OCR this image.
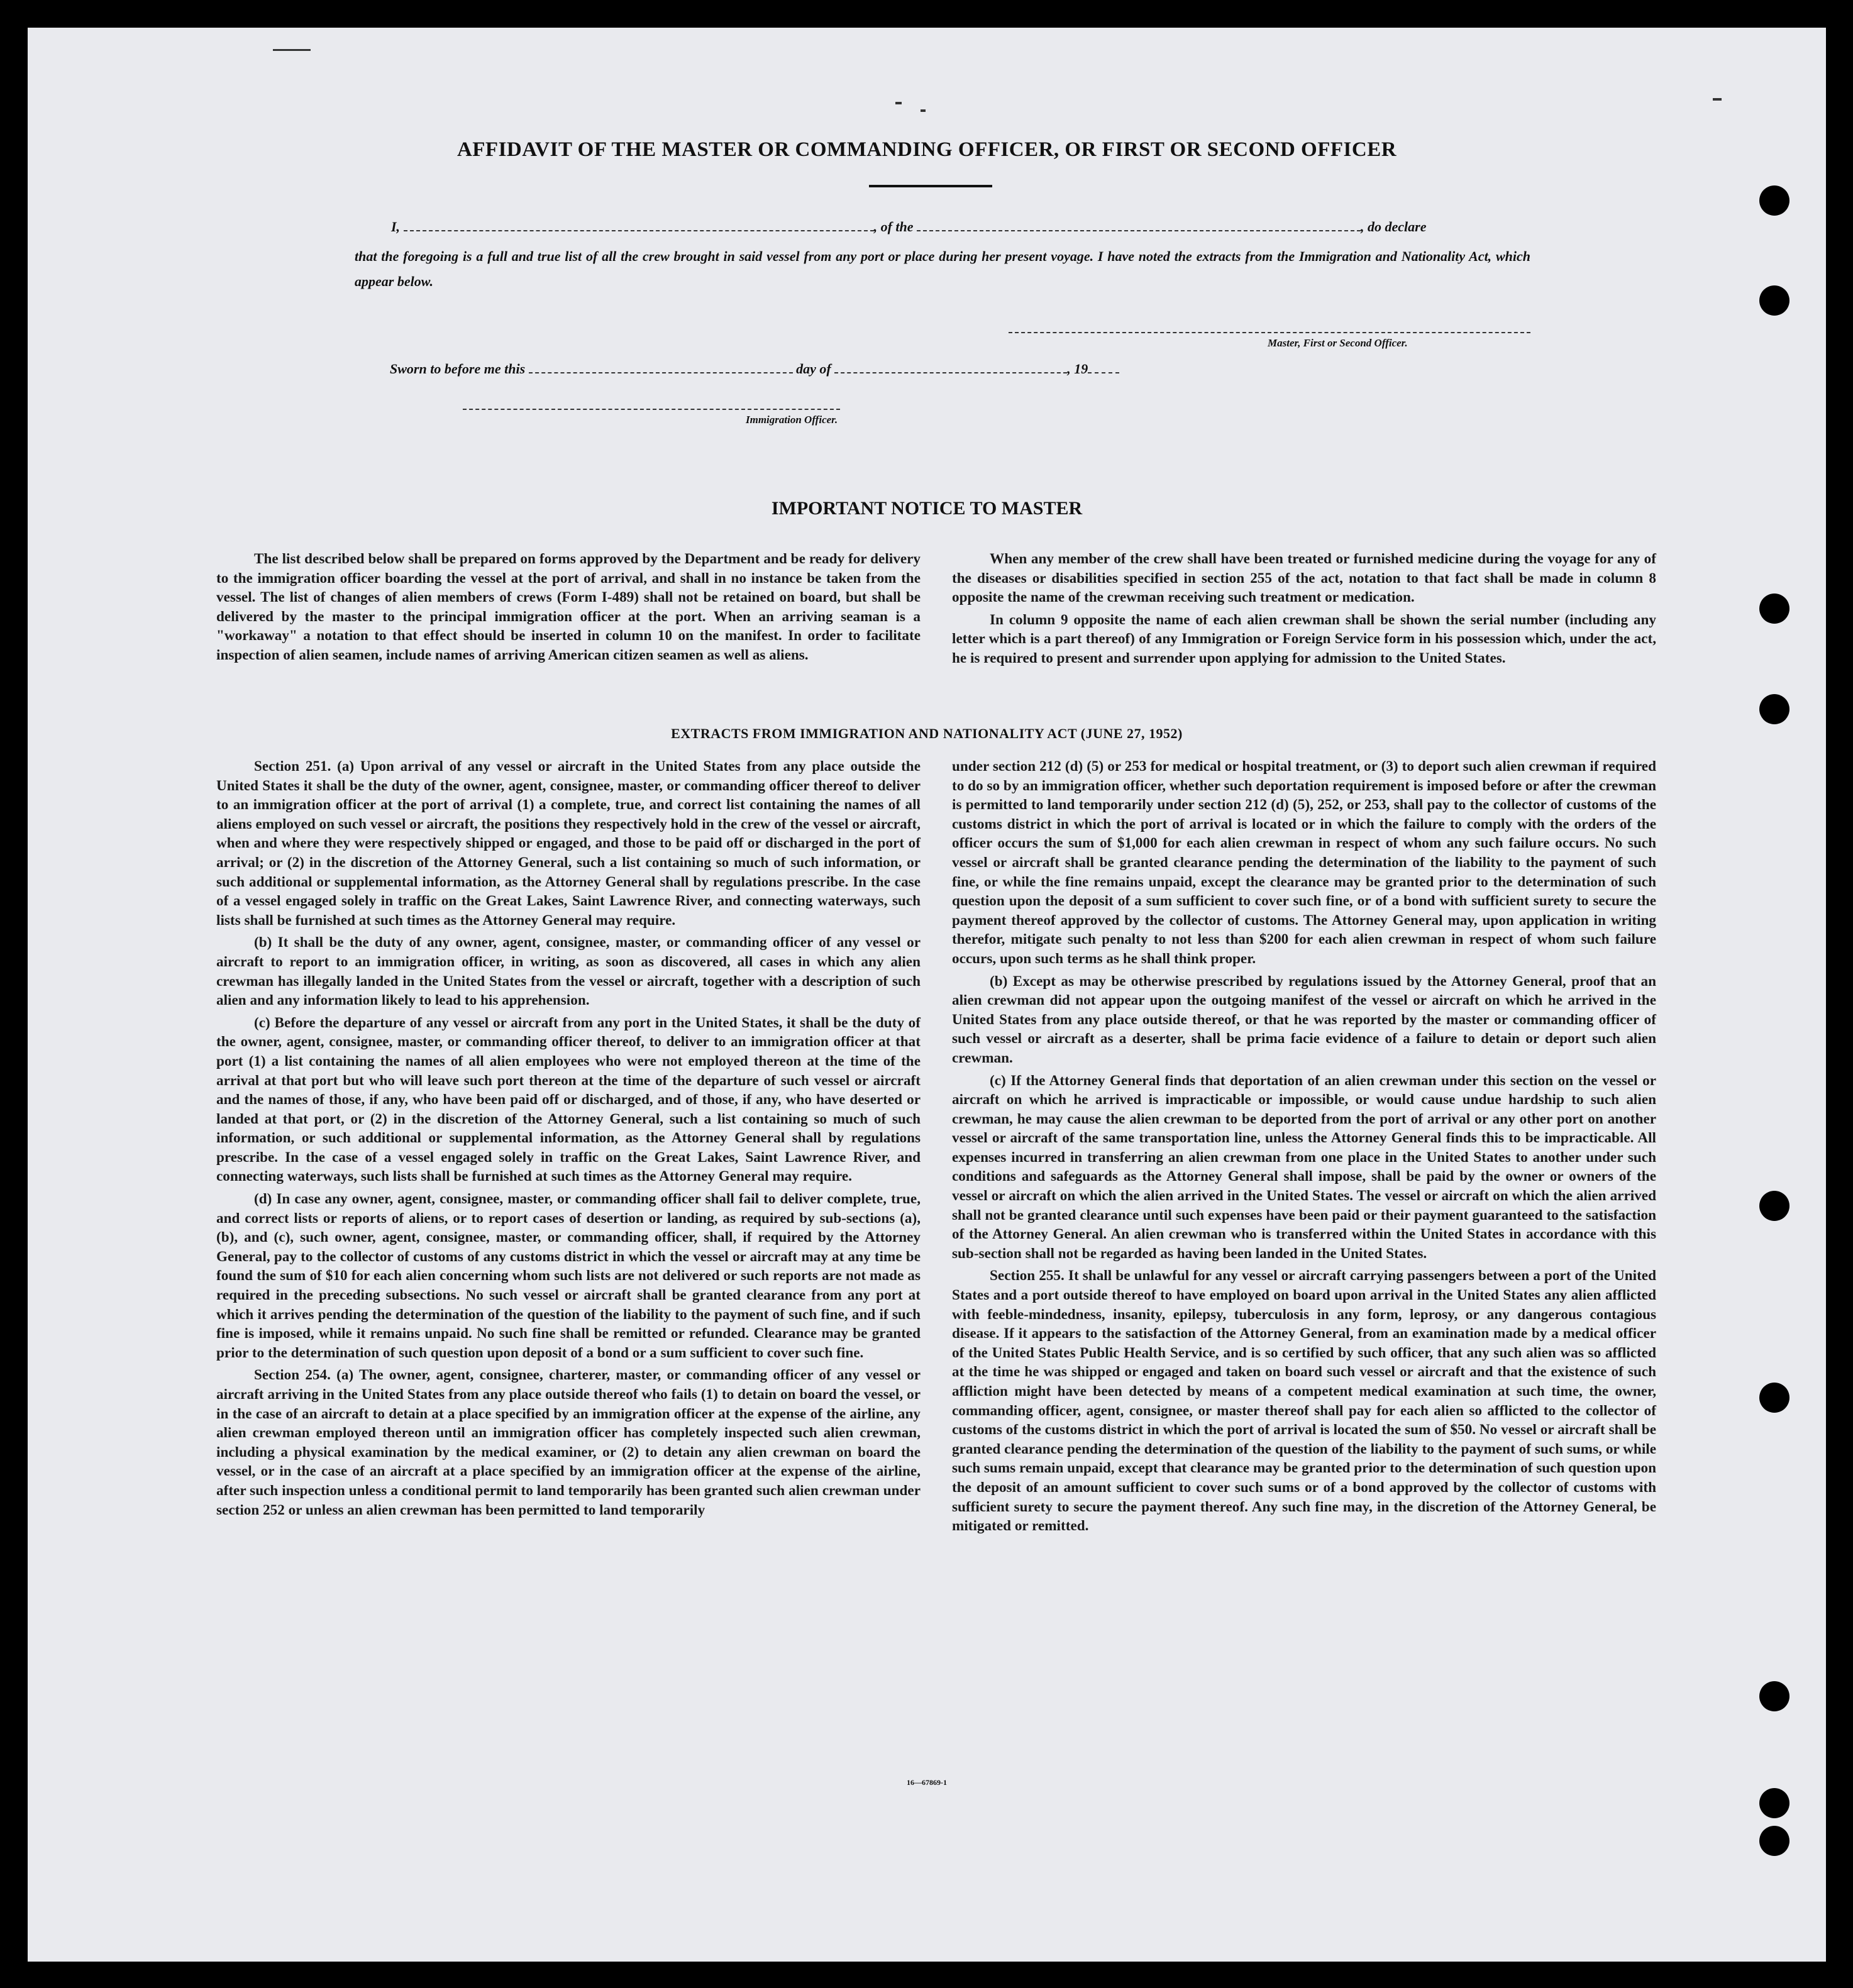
AFFIDAVIT OF THE MASTER OR COMMANDING OFFICER, OR FIRST OR SECOND OFFICER
I,	, of the	, do declare
that the foregoing is a full and true list of all the crew brought in said vessel from any port or place during her present voyage. I have noted the extracts from the Immigration and Nationality Act, which appear below.
Master, First or Second Officer.
Sworn to before me this	day of	, 19
Immigration Officer.
IMPORTANT NOTICE TO MASTER

The list described below shall be prepared on forms approved by the Department and be ready for delivery to the immigration officer boarding the vessel at the port of arrival, and shall in no instance be taken from the vessel. The list of changes of alien members of crews (Form I-489) shall not be retained on board, but shall be delivered by the master to the principal immigration officer at the port. When an arriving seaman is a "workaway" a notation to that effect should be inserted in column 10 on the manifest. In order to facilitate inspection of alien seamen, include names of arriving American citizen seamen as well as aliens.

When any member of the crew shall have been treated or furnished medicine during the voyage for any of the diseases or disabilities specified in section 255 of the act, notation to that fact shall be made in column 8 opposite the name of the crewman receiving such treatment or medication.

In column 9 opposite the name of each alien crewman shall be shown the serial number (including any letter which is a part thereof) of any Immigration or Foreign Service form in his possession which, under the act, he is required to present and surrender upon applying for admission to the United States.

EXTRACTS FROM IMMIGRATION AND NATIONALITY ACT (JUNE 27, 1952)

Section 251. (a) Upon arrival of any vessel or aircraft in the United States from any place outside the United States it shall be the duty of the owner, agent, consignee, master, or commanding officer thereof to deliver to an immigration officer at the port of arrival (1) a complete, true, and correct list containing the names of all aliens employed on such vessel or aircraft, the positions they respectively hold in the crew of the vessel or aircraft, when and where they were respectively shipped or engaged, and those to be paid off or discharged in the port of arrival; or (2) in the discretion of the Attorney General, such a list containing so much of such information, or such additional or supplemental information, as the Attorney General shall by regulations prescribe. In the case of a vessel engaged solely in traffic on the Great Lakes, Saint Lawrence River, and connecting waterways, such lists shall be furnished at such times as the Attorney General may require.

(b) It shall be the duty of any owner, agent, consignee, master, or commanding officer of any vessel or aircraft to report to an immigration officer, in writing, as soon as discovered, all cases in which any alien crewman has illegally landed in the United States from the vessel or aircraft, together with a description of such alien and any information likely to lead to his apprehension.

(c) Before the departure of any vessel or aircraft from any port in the United States, it shall be the duty of the owner, agent, consignee, master, or commanding officer thereof, to deliver to an immigration officer at that port (1) a list containing the names of all alien employees who were not employed thereon at the time of the arrival at that port but who will leave such port thereon at the time of the departure of such vessel or aircraft and the names of those, if any, who have been paid off or discharged, and of those, if any, who have deserted or landed at that port, or (2) in the discretion of the Attorney General, such a list containing so much of such information, or such additional or supplemental information, as the Attorney General shall by regulations prescribe. In the case of a vessel engaged solely in traffic on the Great Lakes, Saint Lawrence River, and connecting waterways, such lists shall be furnished at such times as the Attorney General may require.

(d) In case any owner, agent, consignee, master, or commanding officer shall fail to deliver complete, true, and correct lists or reports of aliens, or to report cases of desertion or landing, as required by sub-sections (a), (b), and (c), such owner, agent, consignee, master, or commanding officer, shall, if required by the Attorney General, pay to the collector of customs of any customs district in which the vessel or aircraft may at any time be found the sum of $10 for each alien concerning whom such lists are not delivered or such reports are not made as required in the preceding subsections. No such vessel or aircraft shall be granted clearance from any port at which it arrives pending the determination of the question of the liability to the payment of such fine, and if such fine is imposed, while it remains unpaid. No such fine shall be remitted or refunded. Clearance may be granted prior to the determination of such question upon deposit of a bond or a sum sufficient to cover such fine.

Section 254. (a) The owner, agent, consignee, charterer, master, or commanding officer of any vessel or aircraft arriving in the United States from any place outside thereof who fails (1) to detain on board the vessel, or in the case of an aircraft to detain at a place specified by an immigration officer at the expense of the airline, any alien crewman employed thereon until an immigration officer has completely inspected such alien crewman, including a physical examination by the medical examiner, or (2) to detain any alien crewman on board the vessel, or in the case of an aircraft at a place specified by an immigration officer at the expense of the airline, after such inspection unless a conditional permit to land temporarily has been granted such alien crewman under section 252 or unless an alien crewman has been permitted to land temporarily

under section 212 (d) (5) or 253 for medical or hospital treatment, or (3) to deport such alien crewman if required to do so by an immigration officer, whether such deportation requirement is imposed before or after the crewman is permitted to land temporarily under section 212 (d) (5), 252, or 253, shall pay to the collector of customs of the customs district in which the port of arrival is located or in which the failure to comply with the orders of the officer occurs the sum of $1,000 for each alien crewman in respect of whom any such failure occurs. No such vessel or aircraft shall be granted clearance pending the determination of the liability to the payment of such fine, or while the fine remains unpaid, except the clearance may be granted prior to the determination of such question upon the deposit of a sum sufficient to cover such fine, or of a bond with sufficient surety to secure the payment thereof approved by the collector of customs. The Attorney General may, upon application in writing therefor, mitigate such penalty to not less than $200 for each alien crewman in respect of whom such failure occurs, upon such terms as he shall think proper.

(b) Except as may be otherwise prescribed by regulations issued by the Attorney General, proof that an alien crewman did not appear upon the outgoing manifest of the vessel or aircraft on which he arrived in the United States from any place outside thereof, or that he was reported by the master or commanding officer of such vessel or aircraft as a deserter, shall be prima facie evidence of a failure to detain or deport such alien crewman.

(c) If the Attorney General finds that deportation of an alien crewman under this section on the vessel or aircraft on which he arrived is impracticable or impossible, or would cause undue hardship to such alien crewman, he may cause the alien crewman to be deported from the port of arrival or any other port on another vessel or aircraft of the same transportation line, unless the Attorney General finds this to be impracticable. All expenses incurred in transferring an alien crewman from one place in the United States to another under such conditions and safeguards as the Attorney General shall impose, shall be paid by the owner or owners of the vessel or aircraft on which the alien arrived in the United States. The vessel or aircraft on which the alien arrived shall not be granted clearance until such expenses have been paid or their payment guaranteed to the satisfaction of the Attorney General. An alien crewman who is transferred within the United States in accordance with this sub-section shall not be regarded as having been landed in the United States.

Section 255. It shall be unlawful for any vessel or aircraft carrying passengers between a port of the United States and a port outside thereof to have employed on board upon arrival in the United States any alien afflicted with feeble-mindedness, insanity, epilepsy, tuberculosis in any form, leprosy, or any dangerous contagious disease. If it appears to the satisfaction of the Attorney General, from an examination made by a medical officer of the United States Public Health Service, and is so certified by such officer, that any such alien was so afflicted at the time he was shipped or engaged and taken on board such vessel or aircraft and that the existence of such affliction might have been detected by means of a competent medical examination at such time, the owner, commanding officer, agent, consignee, or master thereof shall pay for each alien so afflicted to the collector of customs of the customs district in which the port of arrival is located the sum of $50. No vessel or aircraft shall be granted clearance pending the determination of the question of the liability to the payment of such sums, or while such sums remain unpaid, except that clearance may be granted prior to the determination of such question upon the deposit of an amount sufficient to cover such sums or of a bond approved by the collector of customs with sufficient surety to secure the payment thereof. Any such fine may, in the discretion of the Attorney General, be mitigated or remitted.

16—67869-1
